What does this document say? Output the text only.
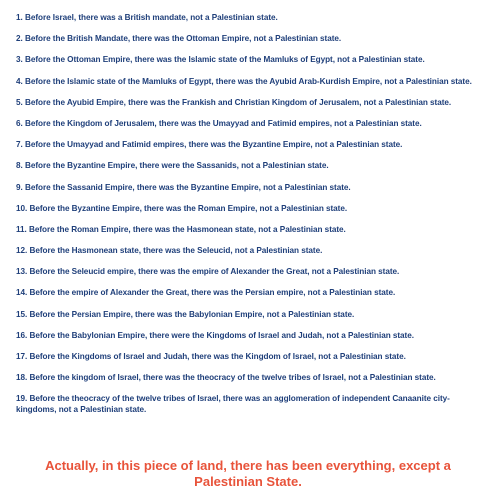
1. Before Israel, there was a British mandate, not a Palestinian state.
2. Before the British Mandate, there was the Ottoman Empire, not a Palestinian state.
3. Before the Ottoman Empire, there was the Islamic state of the Mamluks of Egypt, not a Palestinian state.
4. Before the Islamic state of the Mamluks of Egypt, there was the Ayubid Arab-Kurdish Empire, not a Palestinian state.
5. Before the Ayubid Empire, there was the Frankish and Christian Kingdom of Jerusalem, not a Palestinian state.
6. Before the Kingdom of Jerusalem, there was the Umayyad and Fatimid empires, not a Palestinian state.
7. Before the Umayyad and Fatimid empires, there was the Byzantine Empire, not a Palestinian state.
8. Before the Byzantine Empire, there were the Sassanids, not a Palestinian state.
9. Before the Sassanid Empire, there was the Byzantine Empire, not a Palestinian state.
10. Before the Byzantine Empire, there was the Roman Empire, not a Palestinian state.
11. Before the Roman Empire, there was the Hasmonean state, not a Palestinian state.
12. Before the Hasmonean state, there was the Seleucid, not a Palestinian state.
13. Before the Seleucid empire, there was the empire of Alexander the Great, not a Palestinian state.
14. Before the empire of Alexander the Great, there was the Persian empire, not a Palestinian state.
15. Before the Persian Empire, there was the Babylonian Empire, not a Palestinian state.
16. Before the Babylonian Empire, there were the Kingdoms of Israel and Judah, not a Palestinian state.
17. Before the Kingdoms of Israel and Judah, there was the Kingdom of Israel, not a Palestinian state.
18. Before the kingdom of Israel, there was the theocracy of the twelve tribes of Israel, not a Palestinian state.
19. Before the theocracy of the twelve tribes of Israel, there was an agglomeration of independent Canaanite city-kingdoms, not a Palestinian state.

Actually, in this piece of land, there has been everything, except a Palestinian State.
